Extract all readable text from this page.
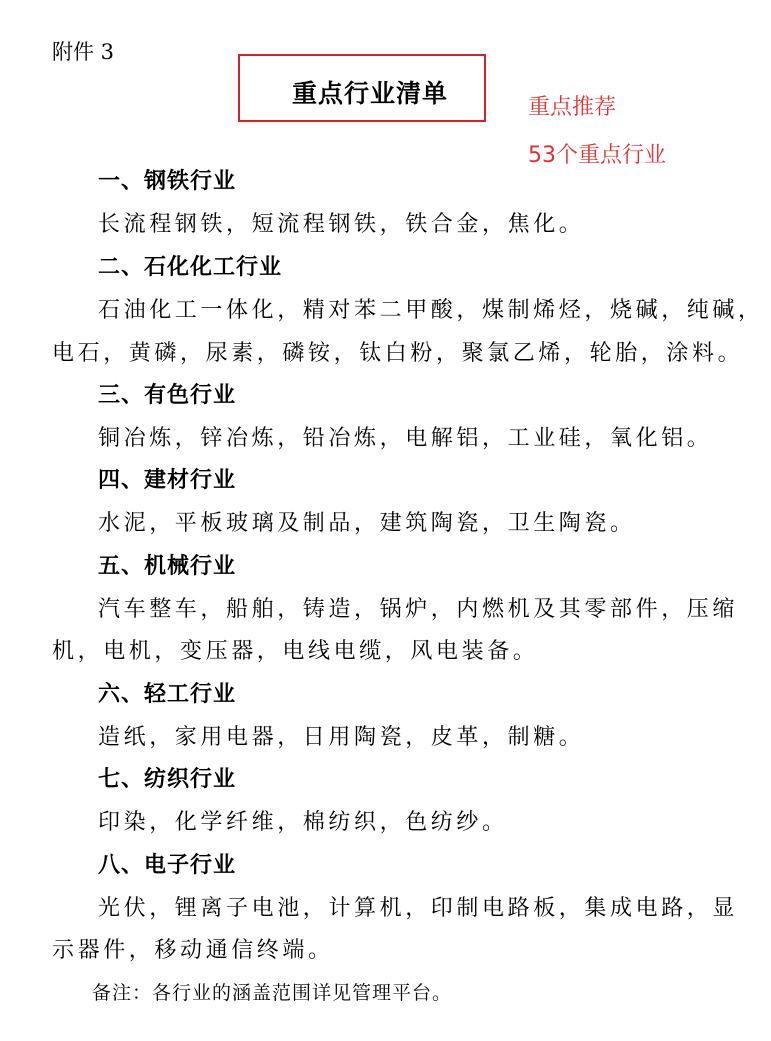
附件 3
重点行业清单	重点推荐
53个重点行业
一、钢铁行业
长流程钢铁，短流程钢铁，铁合金，焦化。
二、石化化工行业
石油化工一体化，精对苯二甲酸，煤制烯烃，烧碱，纯碱，
电石，黄磷，尿素，磷铵，钛白粉，聚氯乙烯，轮胎，涂料。
三、有色行业
铜冶炼，锌冶炼，铅冶炼，电解铝，工业硅，氧化铝。
四、建材行业
水泥，平板玻璃及制品，建筑陶瓷，卫生陶瓷。
五、机械行业
汽车整车，船舶，铸造，锅炉，内燃机及其零部件，压缩
机，电机，变压器，电线电缆，风电装备。
六、轻工行业
造纸，家用电器，日用陶瓷，皮革，制糖。
七、纺织行业
印染，化学纤维，棉纺织，色纺纱。
八、电子行业
光伏，锂离子电池，计算机，印制电路板，集成电路，显
示器件，移动通信终端。
备注：各行业的涵盖范围详见管理平台。
